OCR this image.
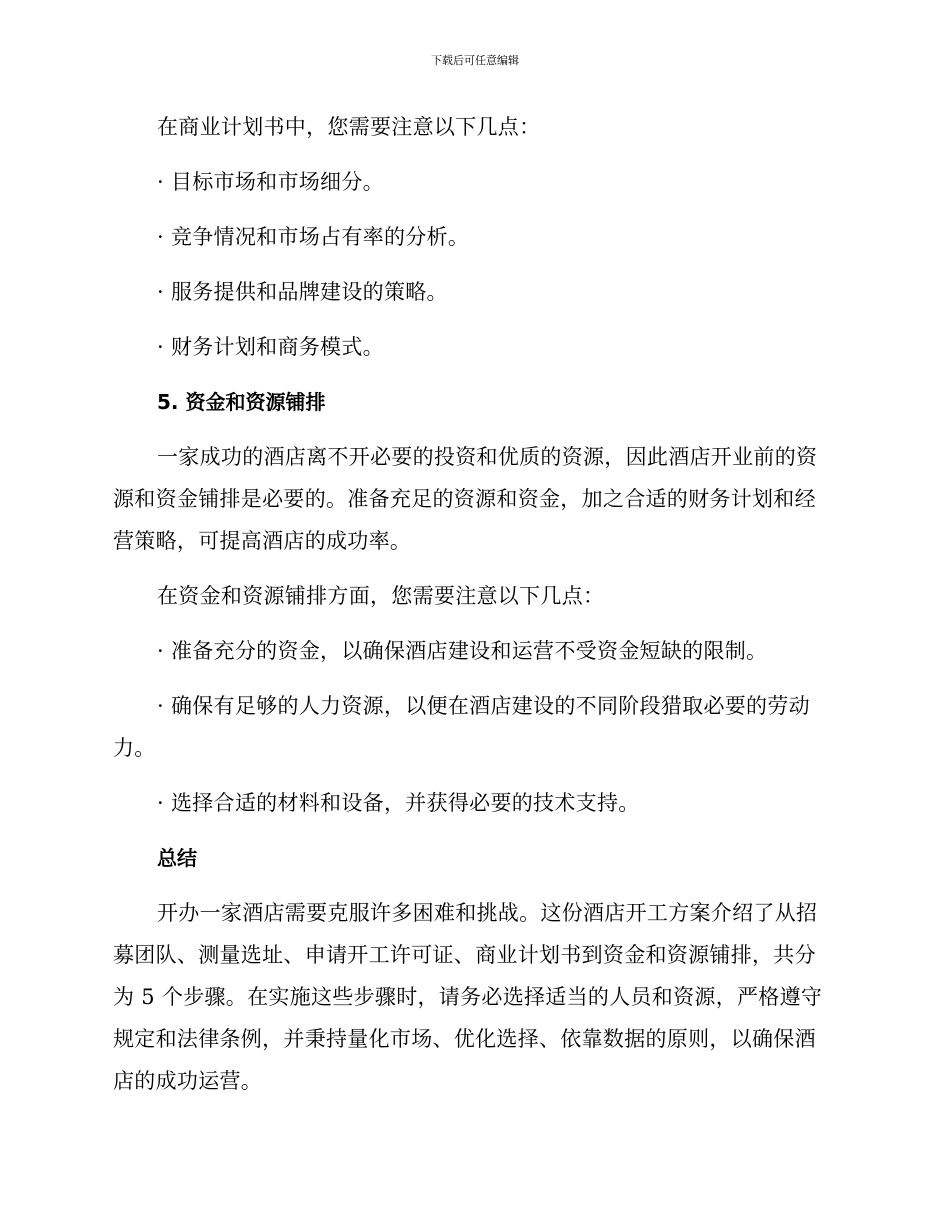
下载后可任意编辑
在商业计划书中，您需要注意以下几点：
· 目标市场和市场细分。
· 竞争情况和市场占有率的分析。
· 服务提供和品牌建设的策略。
· 财务计划和商务模式。
5. 资金和资源铺排
一家成功的酒店离不开必要的投资和优质的资源，因此酒店开业前的资源和资金铺排是必要的。准备充足的资源和资金，加之合适的财务计划和经营策略，可提高酒店的成功率。
在资金和资源铺排方面，您需要注意以下几点：
· 准备充分的资金，以确保酒店建设和运营不受资金短缺的限制。
· 确保有足够的人力资源，以便在酒店建设的不同阶段猎取必要的劳动力。
· 选择合适的材料和设备，并获得必要的技术支持。
总结
开办一家酒店需要克服许多困难和挑战。这份酒店开工方案介绍了从招募团队、测量选址、申请开工许可证、商业计划书到资金和资源铺排，共分为 5 个步骤。在实施这些步骤时，请务必选择适当的人员和资源，严格遵守规定和法律条例，并秉持量化市场、优化选择、依靠数据的原则，以确保酒店的成功运营。
